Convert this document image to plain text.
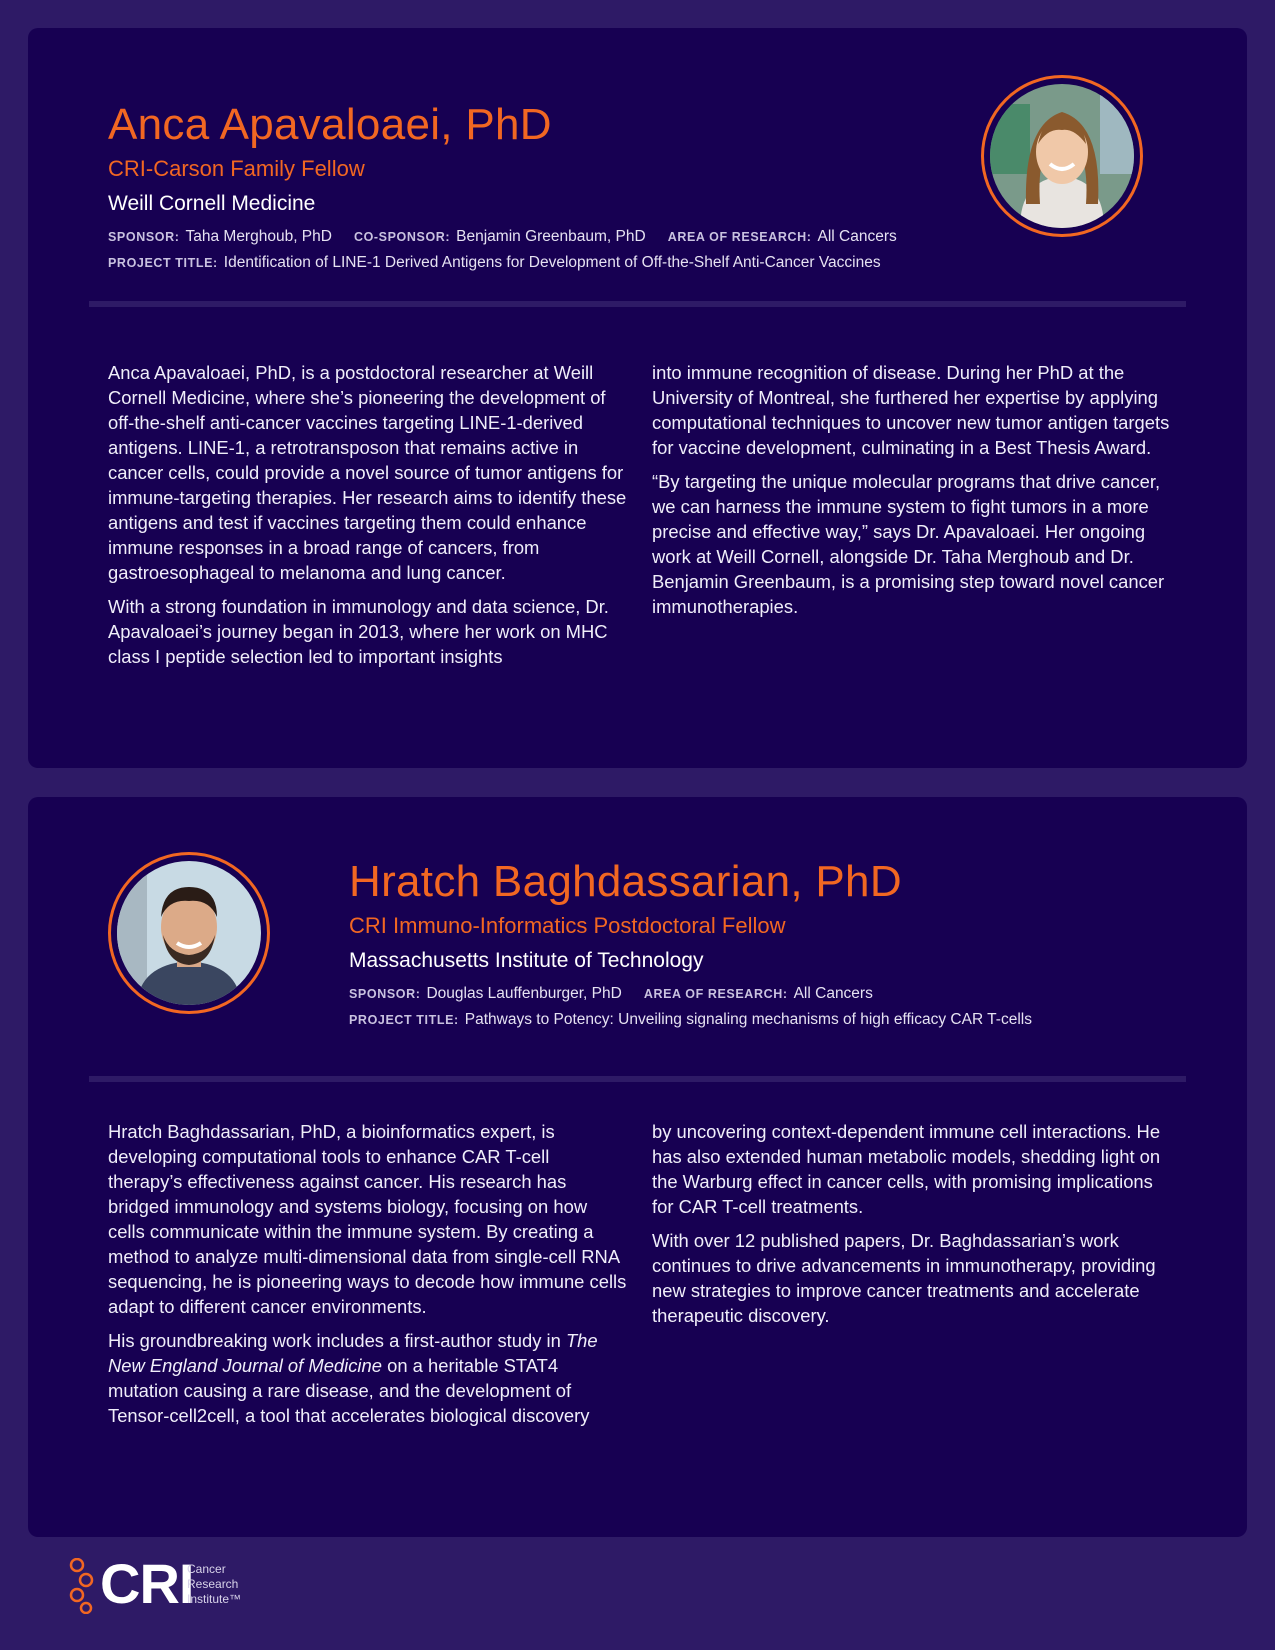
Anca Apavaloaei, PhD
CRI-Carson Family Fellow
Weill Cornell Medicine
SPONSOR: Taha Merghoub, PhD CO-SPONSOR: Benjamin Greenbaum, PhD AREA OF RESEARCH: All Cancers
PROJECT TITLE: Identification of LINE-1 Derived Antigens for Development of Off-the-Shelf Anti-Cancer Vaccines

Anca Apavaloaei, PhD, is a postdoctoral researcher at Weill Cornell Medicine, where she’s pioneering the development of off-the-shelf anti-cancer vaccines targeting LINE-1-derived antigens. LINE-1, a retrotransposon that remains active in cancer cells, could provide a novel source of tumor antigens for immune-targeting therapies. Her research aims to identify these antigens and test if vaccines targeting them could enhance immune responses in a broad range of cancers, from gastroesophageal to melanoma and lung cancer.

With a strong foundation in immunology and data science, Dr. Apavaloaei’s journey began in 2013, where her work on MHC class I peptide selection led to important insights

into immune recognition of disease. During her PhD at the University of Montreal, she furthered her expertise by applying computational techniques to uncover new tumor antigen targets for vaccine development, culminating in a Best Thesis Award.

“By targeting the unique molecular programs that drive cancer, we can harness the immune system to fight tumors in a more precise and effective way,” says Dr. Apavaloaei. Her ongoing work at Weill Cornell, alongside Dr. Taha Merghoub and Dr. Benjamin Greenbaum, is a promising step toward novel cancer immunotherapies.

Hratch Baghdassarian, PhD
CRI Immuno-Informatics Postdoctoral Fellow
Massachusetts Institute of Technology
SPONSOR: Douglas Lauffenburger, PhD AREA OF RESEARCH: All Cancers
PROJECT TITLE: Pathways to Potency: Unveiling signaling mechanisms of high efficacy CAR T-cells

Hratch Baghdassarian, PhD, a bioinformatics expert, is developing computational tools to enhance CAR T-cell therapy’s effectiveness against cancer. His research has bridged immunology and systems biology, focusing on how cells communicate within the immune system. By creating a method to analyze multi-dimensional data from single-cell RNA sequencing, he is pioneering ways to decode how immune cells adapt to different cancer environments.

His groundbreaking work includes a first-author study in The New England Journal of Medicine on a heritable STAT4 mutation causing a rare disease, and the development of Tensor-cell2cell, a tool that accelerates biological discovery

by uncovering context-dependent immune cell interactions. He has also extended human metabolic models, shedding light on the Warburg effect in cancer cells, with promising implications for CAR T-cell treatments.

With over 12 published papers, Dr. Baghdassarian’s work continues to drive advancements in immunotherapy, providing new strategies to improve cancer treatments and accelerate therapeutic discovery.

CRI
Cancer
Research
Institute™
